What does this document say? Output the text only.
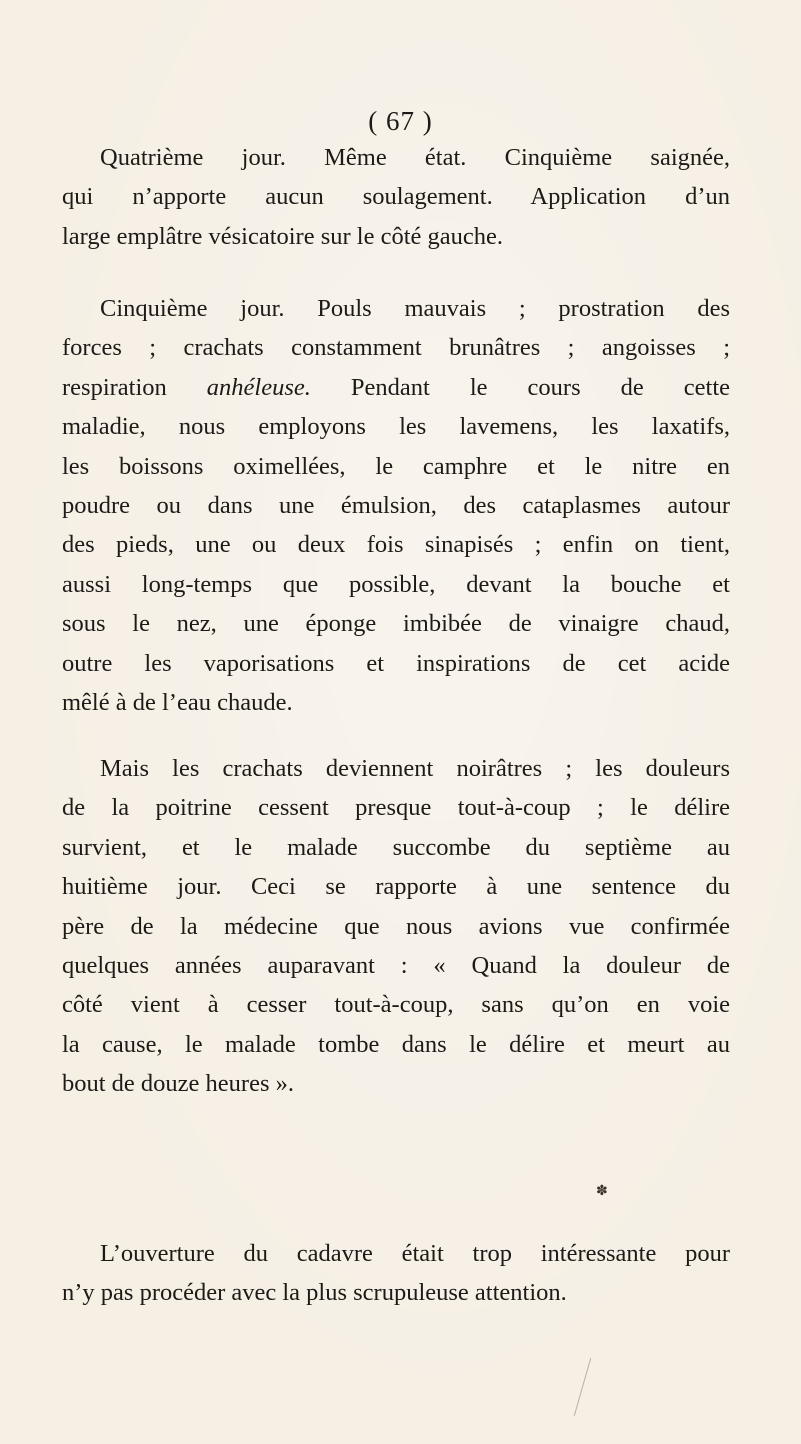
( 67 )

Quatrième jour. Même état. Cinquième saignée,
qui n’apporte aucun soulagement. Application d’un
large emplâtre vésicatoire sur le côté gauche.

Cinquième jour. Pouls mauvais ; prostration des
forces ; crachats constamment brunâtres ; angoisses ;
respiration anhéleuse. Pendant le cours de cette
maladie, nous employons les lavemens, les laxatifs,
les boissons oximellées, le camphre et le nitre en
poudre ou dans une émulsion, des cataplasmes autour
des pieds, une ou deux fois sinapisés ; enfin on tient,
aussi long-temps que possible, devant la bouche et
sous le nez, une éponge imbibée de vinaigre chaud,
outre les vaporisations et inspirations de cet acide
mêlé à de l’eau chaude.

Mais les crachats deviennent noirâtres ; les douleurs
de la poitrine cessent presque tout-à-coup ; le délire
survient, et le malade succombe du septième au
huitième jour. Ceci se rapporte à une sentence du
père de la médecine que nous avions vue confirmée
quelques années auparavant : « Quand la douleur de
côté vient à cesser tout-à-coup, sans qu’on en voie
la cause, le malade tombe dans le délire et meurt au
bout de douze heures ».

✽

L’ouverture du cadavre était trop intéressante pour
n’y pas procéder avec la plus scrupuleuse attention.
